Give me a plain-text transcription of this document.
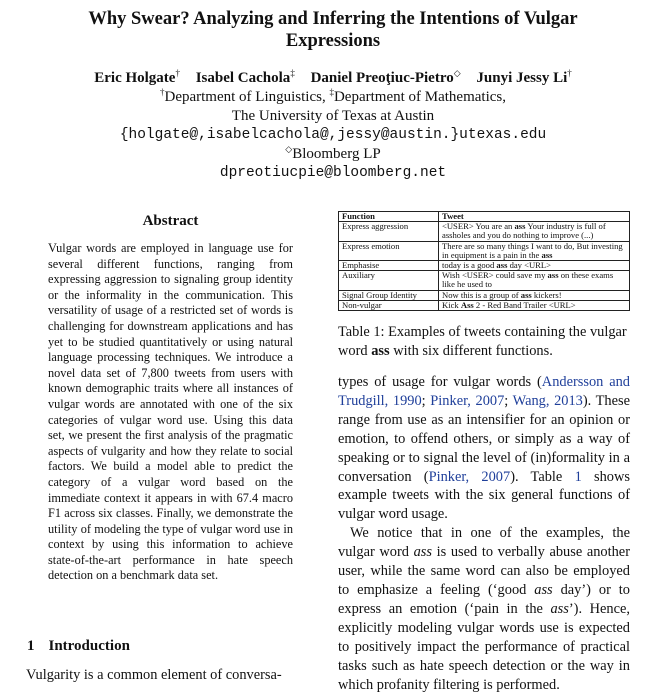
Why Swear? Analyzing and Inferring the Intentions of Vulgar
Expressions
Eric Holgate† Isabel Cachola‡ Daniel Preoţiuc-Pietro◇ Junyi Jessy Li†
†Department of Linguistics, ‡Department of Mathematics,
The University of Texas at Austin
{holgate@,isabelcachola@,jessy@austin.}utexas.edu
◇Bloomberg LP
dpreotiucpie@bloomberg.net
Abstract
Vulgar words are employed in language use for several different functions, ranging from expressing aggression to signaling group identity or the informality in the communication. This versatility of usage of a restricted set of words is challenging for downstream applications and has yet to be studied quantitatively or using natural language processing techniques. We introduce a novel data set of 7,800 tweets from users with known demographic traits where all instances of vulgar words are annotated with one of the six categories of vulgar word use. Using this data set, we present the first analysis of the pragmatic aspects of vulgarity and how they relate to social factors. We build a model able to predict the category of a vulgar word based on the immediate context it appears in with 67.4 macro F1 across six classes. Finally, we demonstrate the utility of modeling the type of vulgar word use in context by using this information to achieve state-of-the-art performance in hate speech detection on a benchmark data set.
1 Introduction
Vulgarity is a common element of conversa-
Function	Tweet
Express aggression	<USER> You are an ass Your industry is full of assholes and you do nothing to improve (...)
Express emotion	There are so many things I want to do, But investing in equipment is a pain in the ass
Emphasise	today is a good ass day <URL>
Auxiliary	Wish <USER> could save my ass on these exams like he used to
Signal Group Identity	Now this is a group of ass kickers!
Non-vulgar	Kick Ass 2 - Red Band Trailer <URL>
Table 1: Examples of tweets containing the vulgar word ass with six different functions.

types of usage for vulgar words (Andersson and Trudgill, 1990; Pinker, 2007; Wang, 2013). These range from use as an intensifier for an opinion or emotion, to offend others, or simply as a way of speaking or to signal the level of (in)formality in a conversation (Pinker, 2007). Table 1 shows example tweets with the six general functions of vulgar word usage.

We notice that in one of the examples, the vulgar word ass is used to verbally abuse another user, while the same word can also be employed to emphasize a feeling (‘good ass day’) or to express an emotion (‘pain in the ass’). Hence, explicitly modeling vulgar words use is expected to positively impact the performance of practical tasks such as hate speech detection or the way in which profanity filtering is performed.
